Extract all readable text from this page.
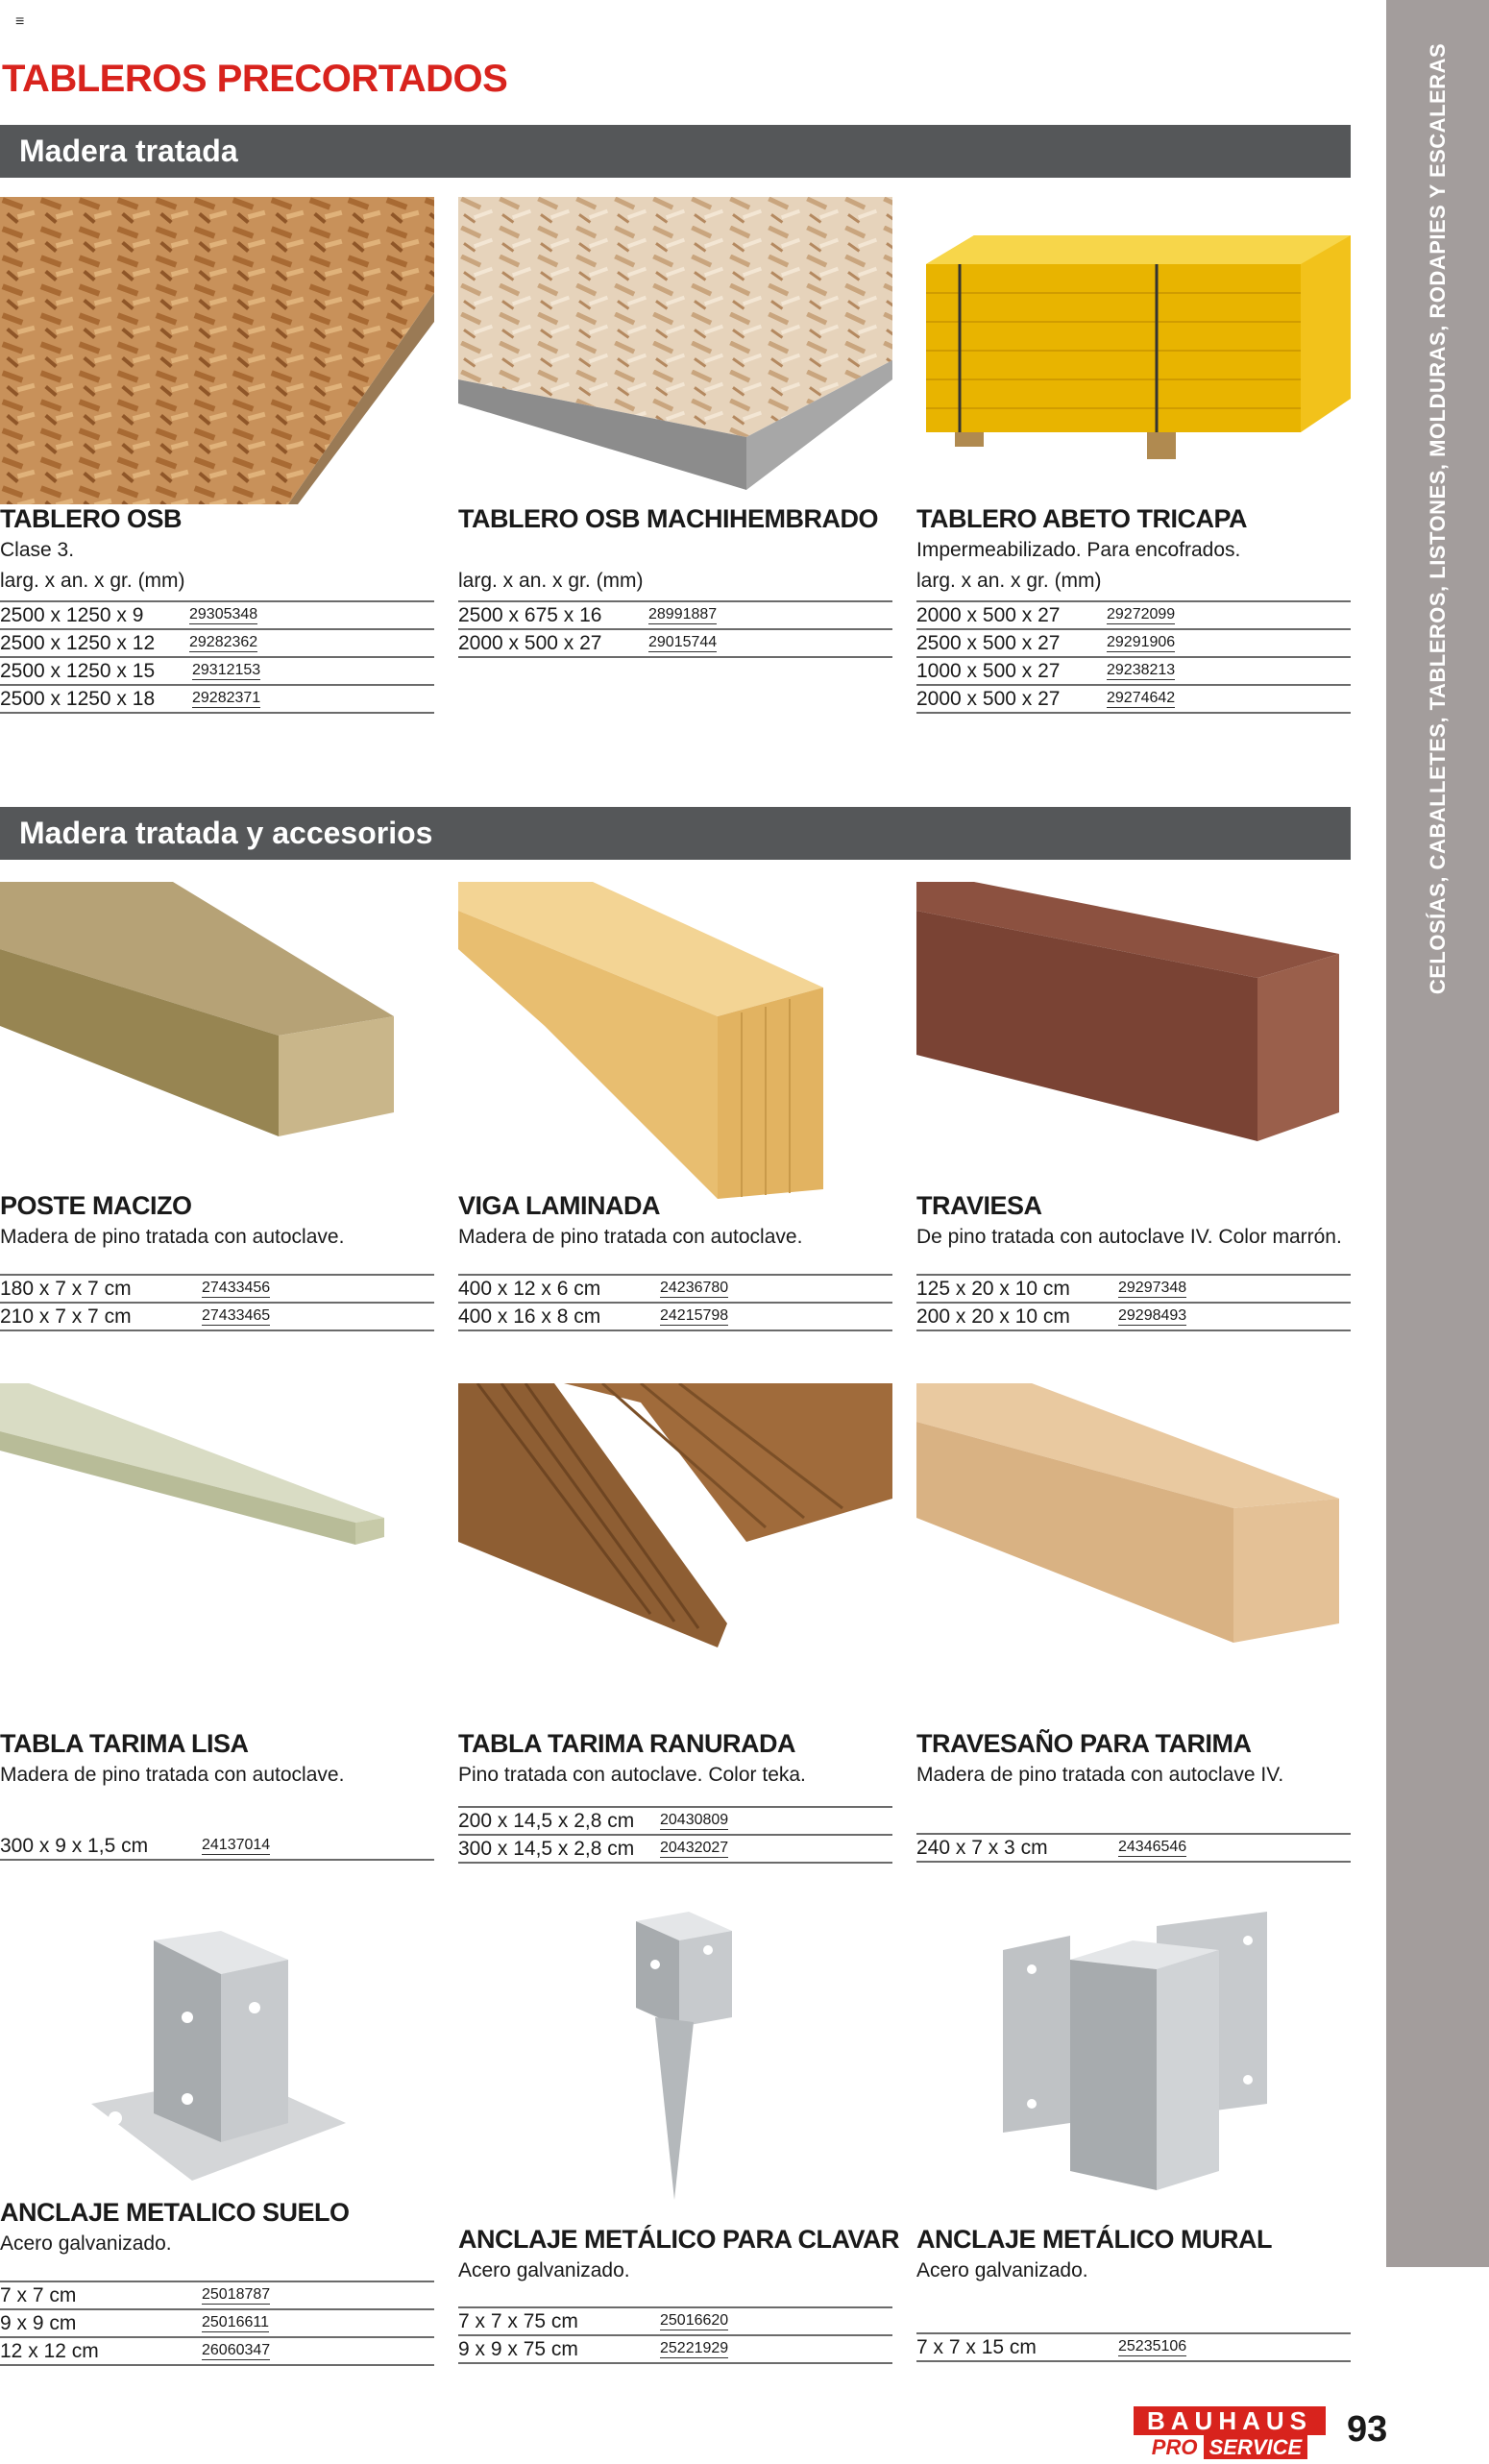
≡
TABLEROS PRECORTADOS	CELOSÍAS, CABALLETES, TABLEROS, LISTONES, MOLDURAS, RODAPIES Y ESCALERAS
Madera tratada
Madera tratada y accesorios
TABLERO OSB
Clase 3.
larg. x an. x gr. (mm)
2500 x 1250 x 9	29305348
2500 x 1250 x 12 29282362
2500 x 1250 x 15 29312153
2500 x 1250 x 18 29282371
TABLERO OSB MACHIHEMBRADO
larg. x an. x gr. (mm)
2500 x 675 x 16	28991887
2000 x 500 x 27	29015744
TABLERO ABETO TRICAPA
Impermeabilizado. Para encofrados.
larg. x an. x gr. (mm)
2000 x 500 x 27	29272099
2500 x 500 x 27	29291906
1000 x 500 x 27	29238213
2000 x 500 x 27	29274642
POSTE MACIZO
Madera de pino tratada con autoclave.
180 x 7 x 7 cm	27433456
210 x 7 x 7 cm	27433465
VIGA LAMINADA
Madera de pino tratada con autoclave.
400 x 12 x 6 cm	24236780
400 x 16 x 8 cm	24215798
TRAVIESA
De pino tratada con autoclave IV. Color marrón.
125 x 20 x 10 cm	29297348
200 x 20 x 10 cm	29298493
TABLA TARIMA LISA
Madera de pino tratada con autoclave.
300 x 9 x 1,5 cm	24137014
TABLA TARIMA RANURADA
Pino tratada con autoclave. Color teka.
200 x 14,5 x 2,8 cm 20430809
300 x 14,5 x 2,8 cm 20432027
TRAVESAÑO PARA TARIMA
Madera de pino tratada con autoclave IV.
240 x 7 x 3 cm	24346546
ANCLAJE METALICO SUELO
Acero galvanizado.
7 x 7 cm	25018787
9 x 9 cm	25016611
12 x 12 cm	26060347
ANCLAJE METÁLICO PARA CLAVAR
Acero galvanizado.
7 x 7 x 75 cm	25016620
9 x 9 x 75 cm	25221929
ANCLAJE METÁLICO MURAL
Acero galvanizado.
7 x 7 x 15 cm	25235106
BAUHAUS
PRO SERVICE	93
